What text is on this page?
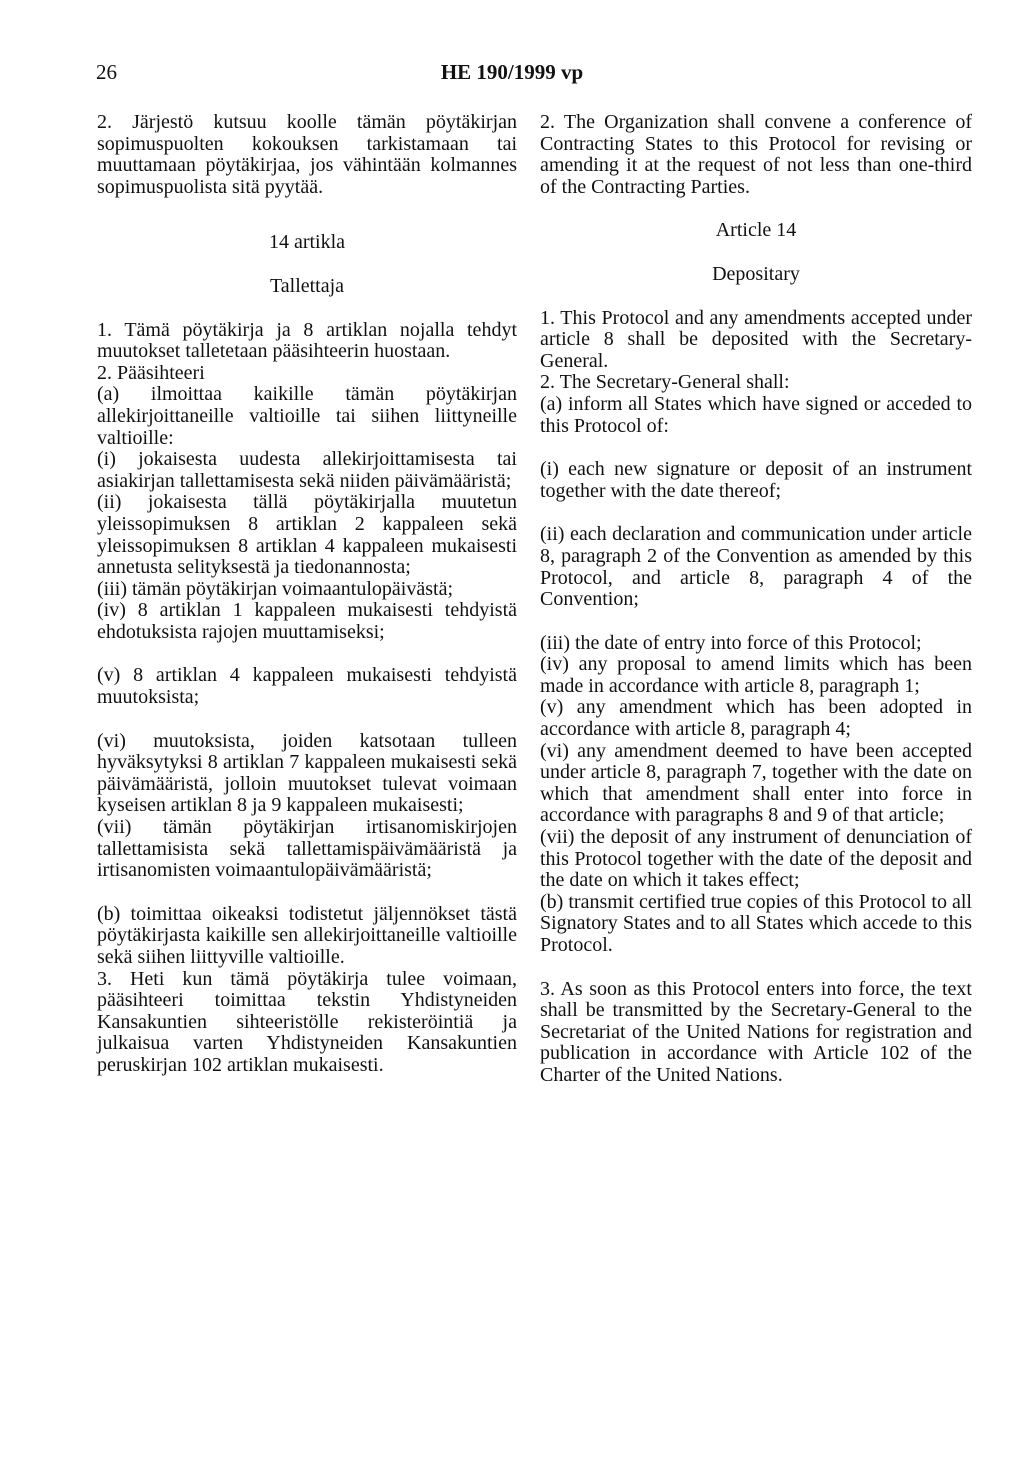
26	HE 190/1999 vp

2. Järjestö kutsuu koolle tämän pöytäkirjan sopimuspuolten kokouksen tarkistamaan tai muuttamaan pöytäkirjaa, jos vähintään kolmannes sopimuspuolista sitä pyytää.

14 artikla

Tallettaja

1. Tämä pöytäkirja ja 8 artiklan nojalla tehdyt muutokset talletetaan pääsihteerin huostaan.

2. Pääsihteeri

(a) ilmoittaa kaikille tämän pöytäkirjan allekirjoittaneille valtioille tai siihen liittyneille valtioille:

(i) jokaisesta uudesta allekirjoittamisesta tai asiakirjan tallettamisesta sekä niiden päivämääristä;

(ii) jokaisesta tällä pöytäkirjalla muutetun yleissopimuksen 8 artiklan 2 kappaleen sekä yleissopimuksen 8 artiklan 4 kappaleen mukaisesti annetusta selityksestä ja tiedonannosta;

(iii) tämän pöytäkirjan voimaantulopäivästä;

(iv) 8 artiklan 1 kappaleen mukaisesti tehdyistä ehdotuksista rajojen muuttamiseksi;

(v) 8 artiklan 4 kappaleen mukaisesti tehdyistä muutoksista;

(vi) muutoksista, joiden katsotaan tulleen hyväksytyksi 8 artiklan 7 kappaleen mukaisesti sekä päivämääristä, jolloin muutokset tulevat voimaan kyseisen artiklan 8 ja 9 kappaleen mukaisesti;

(vii) tämän pöytäkirjan irtisanomiskirjojen tallettamisista sekä tallettamispäivämääristä ja irtisanomisten voimaantulopäivämääristä;

(b) toimittaa oikeaksi todistetut jäljennökset tästä pöytäkirjasta kaikille sen allekirjoittaneille valtioille sekä siihen liittyville valtioille.

3. Heti kun tämä pöytäkirja tulee voimaan, pääsihteeri toimittaa tekstin Yhdistyneiden Kansakuntien sihteeristölle rekisteröintiä ja julkaisua varten Yhdistyneiden Kansakuntien peruskirjan 102 artiklan mukaisesti.

2. The Organization shall convene a conference of Contracting States to this Protocol for revising or amending it at the request of not less than one-third of the Contracting Parties.

Article 14

Depositary

1. This Protocol and any amendments accepted under article 8 shall be deposited with the Secretary-General.

2. The Secretary-General shall:

(a) inform all States which have signed or acceded to this Protocol of:

(i) each new signature or deposit of an instrument together with the date thereof;

(ii) each declaration and communication under article 8, paragraph 2 of the Convention as amended by this Protocol, and article 8, paragraph 4 of the Convention;

(iii) the date of entry into force of this Protocol;

(iv) any proposal to amend limits which has been made in accordance with article 8, paragraph 1;

(v) any amendment which has been adopted in accordance with article 8, paragraph 4;

(vi) any amendment deemed to have been accepted under article 8, paragraph 7, together with the date on which that amendment shall enter into force in accordance with paragraphs 8 and 9 of that article;

(vii) the deposit of any instrument of denunciation of this Protocol together with the date of the deposit and the date on which it takes effect;

(b) transmit certified true copies of this Protocol to all Signatory States and to all States which accede to this Protocol.

3. As soon as this Protocol enters into force, the text shall be transmitted by the Secretary-General to the Secretariat of the United Nations for registration and publication in accordance with Article 102 of the Charter of the United Nations.
